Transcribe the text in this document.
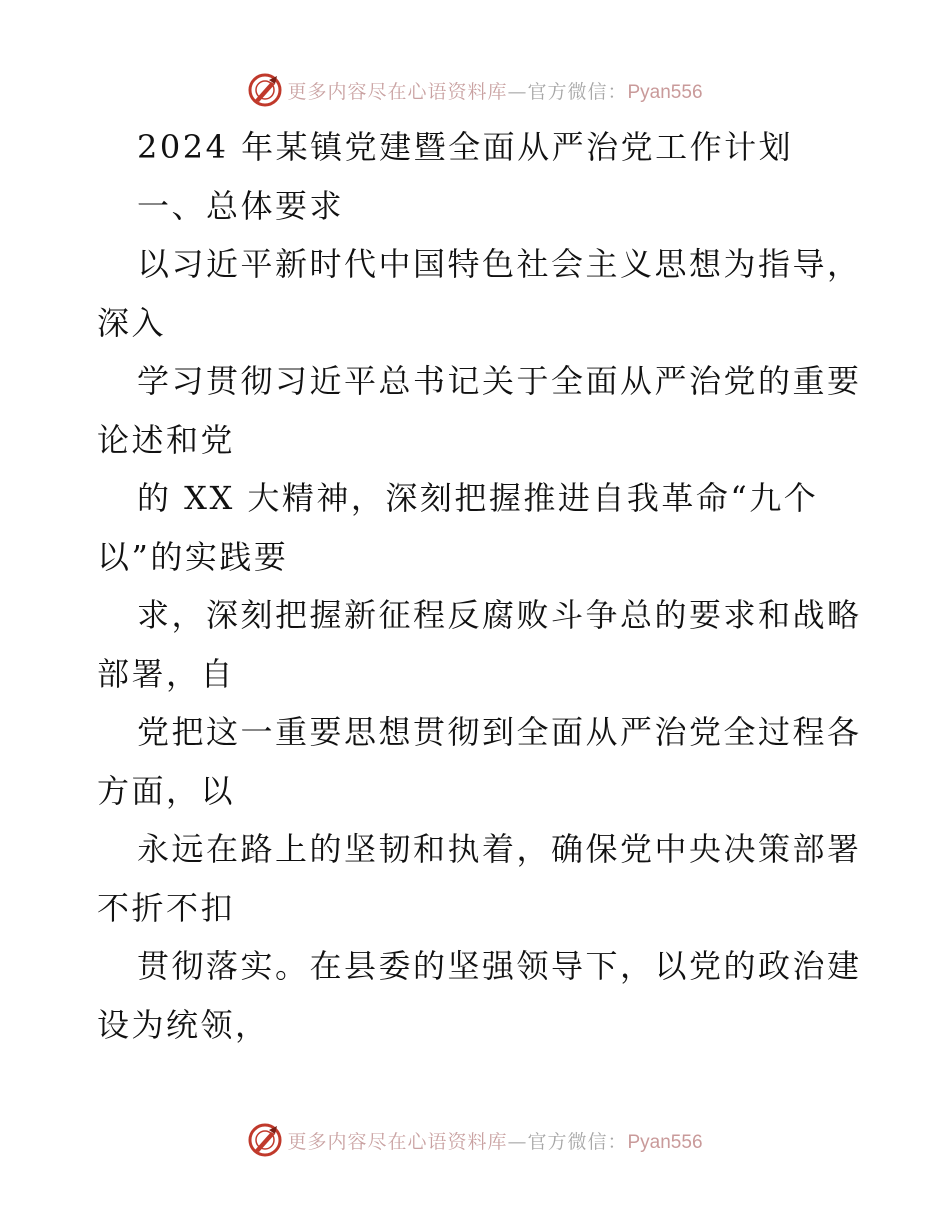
更多内容尽在心语资料库—官方微信：Pyan556
2024 年某镇党建暨全面从严治党工作计划
一、总体要求
以习近平新时代中国特色社会主义思想为指导，
深入
学习贯彻习近平总书记关于全面从严治党的重要
论述和党
的 XX 大精神，深刻把握推进自我革命“九个
以”的实践要
求，深刻把握新征程反腐败斗争总的要求和战略
部署，自
党把这一重要思想贯彻到全面从严治党全过程各
方面，以
永远在路上的坚韧和执着，确保党中央决策部署
不折不扣
贯彻落实。在县委的坚强领导下，以党的政治建
设为统领，
更多内容尽在心语资料库—官方微信：Pyan556
